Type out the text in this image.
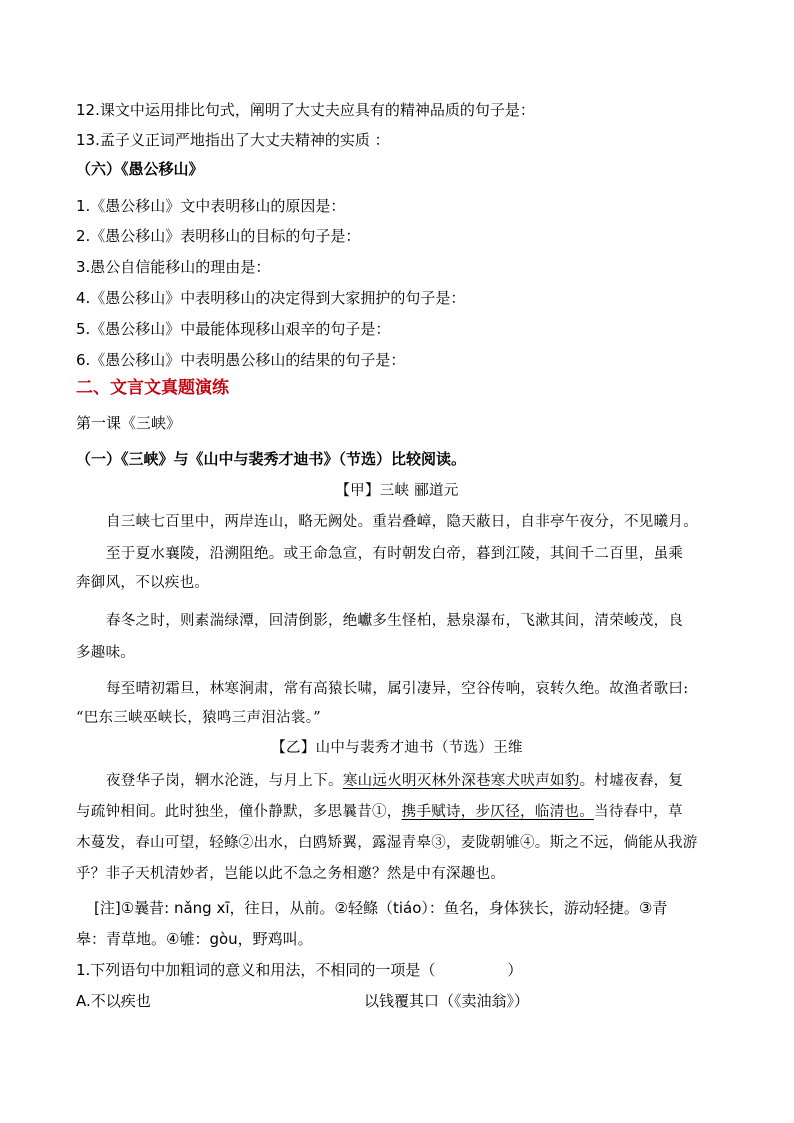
12.课文中运用排比句式，阐明了大丈夫应具有的精神品质的句子是：
13.孟子义正词严地指出了大丈夫精神的实质 ：
（六）《愚公移山》
1.《愚公移山》文中表明移山的原因是：
2.《愚公移山》表明移山的目标的句子是：
3.愚公自信能移山的理由是：
4.《愚公移山》中表明移山的决定得到大家拥护的句子是：
5.《愚公移山》中最能体现移山艰辛的句子是：
6.《愚公移山》中表明愚公移山的结果的句子是：
二、文言文真题演练
第一课《三峡》
（一）《三峡》与《山中与裴秀才迪书》（节选）比较阅读。
【甲】三峡 郦道元
自三峡七百里中，两岸连山，略无阙处。重岩叠嶂，隐天蔽日，自非亭午夜分，不见曦月。
至于夏水襄陵，沿溯阻绝。或王命急宣，有时朝发白帝，暮到江陵，其间千二百里，虽乘
奔御风，不以疾也。
春冬之时，则素湍绿潭，回清倒影，绝巘多生怪柏，悬泉瀑布，飞漱其间，清荣峻茂，良
多趣味。
每至晴初霜旦，林寒涧肃，常有高猿长啸，属引凄异，空谷传响，哀转久绝。故渔者歌曰:
“巴东三峡巫峡长，猿鸣三声泪沾裳。”
【乙】山中与裴秀才迪书（节选）王维
夜登华子岗，辋水沦涟，与月上下。寒山远火明灭林外深巷寒犬吠声如豹。村墟夜舂，复
与疏钟相间。此时独坐，僮仆静默，多思曩昔①，携手赋诗，步仄径，临清也。当待春中，草
木蔓发，春山可望，轻鲦②出水，白鸥矫翼，露湿青皋③，麦陇朝雊④。斯之不远，倘能从我游
乎？非子天机清妙者，岂能以此不急之务相邀？然是中有深趣也。
[注]①曩昔: nǎng xī，往日，从前。②轻鲦（tiáo）：鱼名，身体狭长，游动轻捷。③青
皋：青草地。④雊：gòu，野鸡叫。
1.下列语句中加粗词的意义和用法，不相同的一项是（	）
A.不以疾也	以钱覆其口（《卖油翁》）
